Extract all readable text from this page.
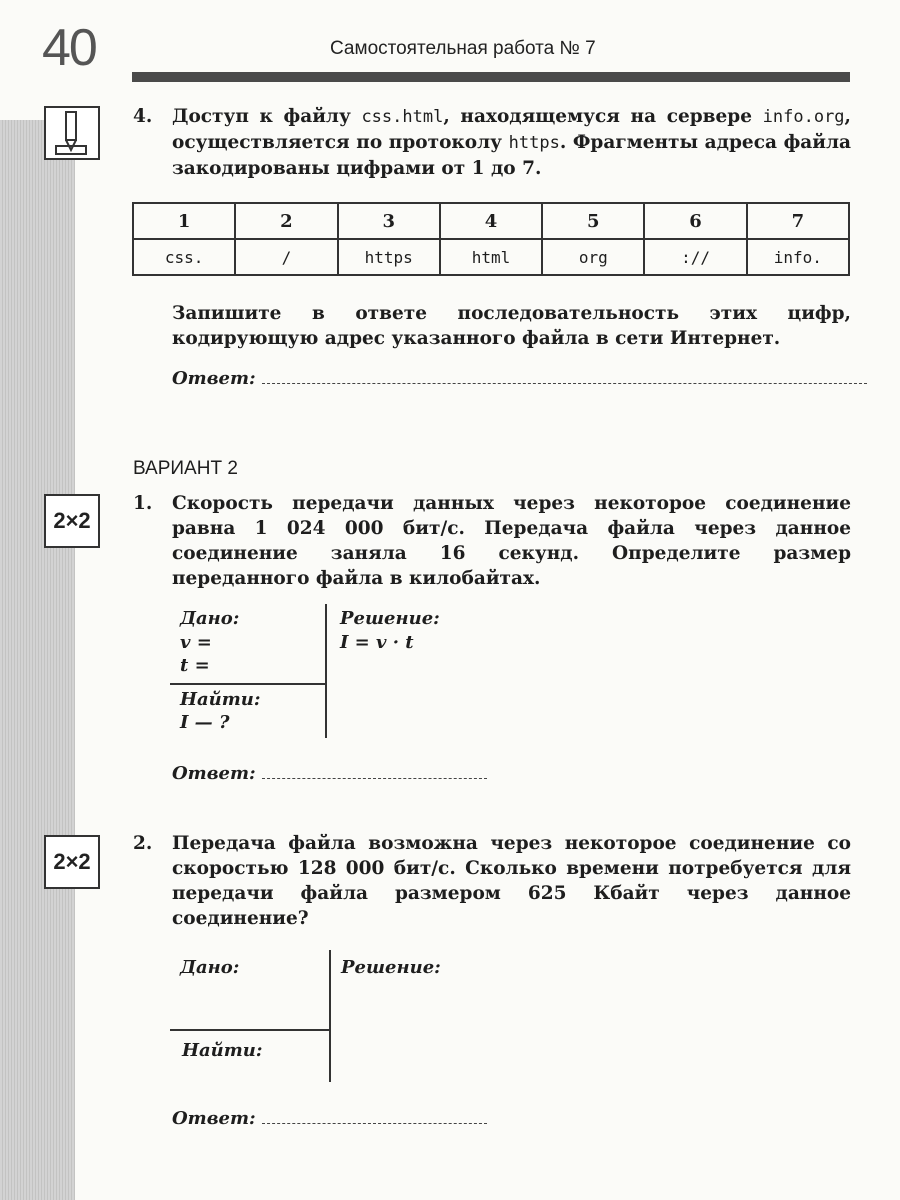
40	Самостоятельная работа № 7
4. Доступ к файлу css.html, находящемуся на сервере info.org, осуществляется по протоколу https. Фрагменты адреса файла закодированы цифрами от 1 до 7.
1	2	3	4	5	6	7
css.	/	https	html	org	://	info.
Запишите в ответе последовательность этих цифр, кодирующую адрес указанного файла в сети Интернет.
Ответ:
ВАРИАНТ 2
2×2
1. Скорость передачи данных через некоторое соединение равна 1 024 000 бит/с. Передача файла через данное соединение заняла 16 секунд. Определите размер переданного файла в килобайтах.
Дано:
v =
t =
Найти:
I — ?
Решение:
I = v · t
Ответ:
2×2
2. Передача файла возможна через некоторое соединение со скоростью 128 000 бит/с. Сколько времени потребуется для передачи файла размером 625 Кбайт через данное соединение?
Дано:
Найти:
Решение:
Ответ:
